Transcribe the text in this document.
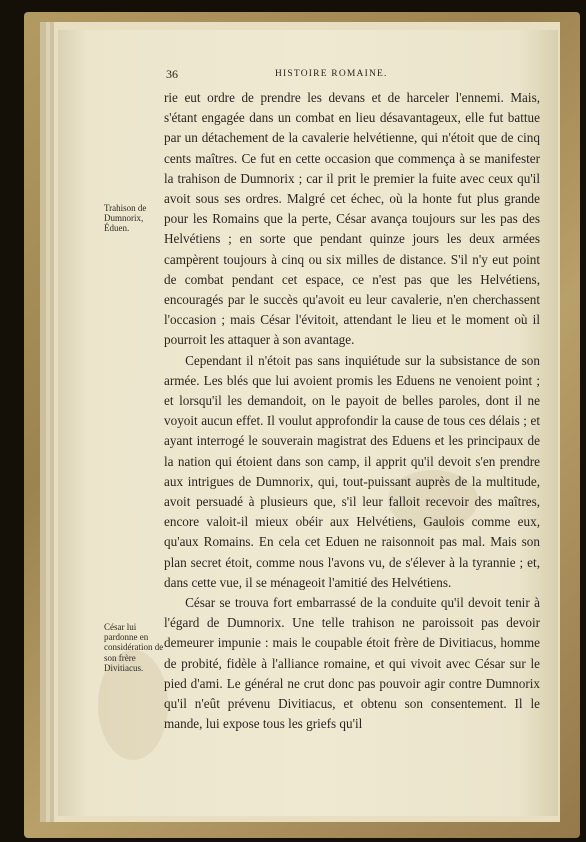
36	HISTOIRE ROMAINE.
Trahison de Dumnorix, Éduen.
César lui pardonne en considération de son frère Divitiacus.

rie eut ordre de prendre les devans et de harceler l'ennemi. Mais, s'étant engagée dans un combat en lieu désavantageux, elle fut battue par un détachement de la cavalerie helvétienne, qui n'étoit que de cinq cents maîtres. Ce fut en cette occasion que commença à se manifester la trahison de Dumnorix ; car il prit le premier la fuite avec ceux qu'il avoit sous ses ordres. Malgré cet échec, où la honte fut plus grande pour les Romains que la perte, César avança toujours sur les pas des Helvétiens ; en sorte que pendant quinze jours les deux armées campèrent toujours à cinq ou six milles de distance. S'il n'y eut point de combat pendant cet espace, ce n'est pas que les Helvétiens, encouragés par le succès qu'avoit eu leur cavalerie, n'en cherchassent l'occasion ; mais César l'évitoit, attendant le lieu et le moment où il pourroit les attaquer à son avantage.

Cependant il n'étoit pas sans inquiétude sur la subsistance de son armée. Les blés que lui avoient promis les Eduens ne venoient point ; et lorsqu'il les demandoit, on le payoit de belles paroles, dont il ne voyoit aucun effet. Il voulut approfondir la cause de tous ces délais ; et ayant interrogé le souverain magistrat des Eduens et les principaux de la nation qui étoient dans son camp, il apprit qu'il devoit s'en prendre aux intrigues de Dumnorix, qui, tout-puissant auprès de la multitude, avoit persuadé à plusieurs que, s'il leur falloit recevoir des maîtres, encore valoit-il mieux obéir aux Helvétiens, Gaulois comme eux, qu'aux Romains. En cela cet Eduen ne raisonnoit pas mal. Mais son plan secret étoit, comme nous l'avons vu, de s'élever à la tyrannie ; et, dans cette vue, il se ménageoit l'amitié des Helvétiens.

César se trouva fort embarrassé de la conduite qu'il devoit tenir à l'égard de Dumnorix. Une telle trahison ne paroissoit pas devoir demeurer impunie : mais le coupable étoit frère de Divitiacus, homme de probité, fidèle à l'alliance romaine, et qui vivoit avec César sur le pied d'ami. Le général ne crut donc pas pouvoir agir contre Dumnorix qu'il n'eût prévenu Divitiacus, et obtenu son consentement. Il le mande, lui expose tous les griefs qu'il
